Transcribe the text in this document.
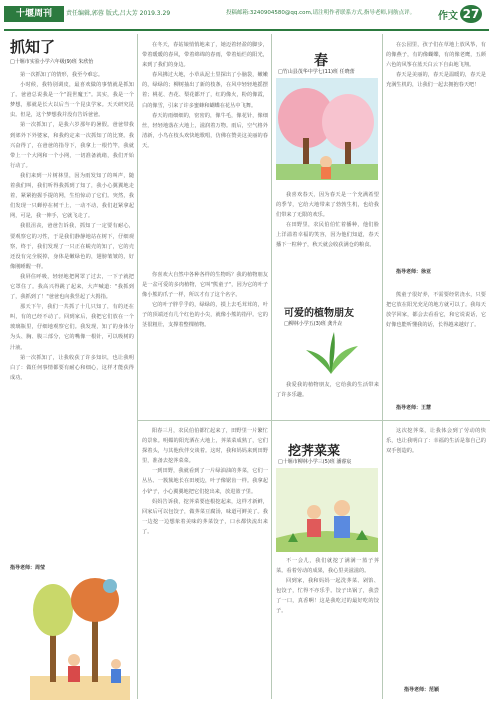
十堰周刊	责任编辑,郭蓉 版式,吕大芳 2019.3.29	投稿邮箱:3240904580@qq.com,请注明作者联系方式,指导老师,同舫点评。 作文 27
抓知了
□十堰市实验小学六年级(9)班 朱欣怡

第一次抓知了的情形，我至今难忘。

小时候，我特别调皮，最喜欢做的事情就是抓知了。爸爸总说我是一个"混世魔王"。其实，我是一个梦想，那就是长大以后当一个昆虫学家。天天研究昆虫。但是，这个梦想我并没有告诉爸爸。

第一次抓知了，是我六岁那年的暑假。爸爸带我到郊外下外婆家，和我约定来一次抓知了的比赛。我兴奋得了，在爸爸的指导下，我拿上一根竹竿，我就带上一个大网和一个小网，一切准备就绪，我们开始行动了。

我们来到一片树林里，因为雨发知了的叫声，随着我们叫，我们听得我抓到了知了，我小心翼翼地走着，紧紧抱握手提的网，生怕惊动了它们。突然，我们发现一只蝉停在树干上，一动不动，我们赶紧拿起网，可是，我一伸手，它就飞走了。

我很沮丧，爸爸告诉我，抓知了一定要有耐心，要观察它的习性，于是我们静静地站在树下，仔细观察，终于，我们发现了一只正在蜕壳的知了，它的壳还没有完全脱掉，身体是嫩绿色的，翅膀皱皱的，好像刚睡醒一样。

我屏住呼吸，轻轻地把网罩了过去，一下子就把它罩住了。我高兴得跳了起来，大声喊道："我抓到了，我抓到了！"爸爸也向我竖起了大拇指。

那天下午，我们一共抓了十几只知了，有的还在叫，有的已经不动了。回到家后，我把它们放在一个玻璃瓶里，仔细地观察它们。我发现，知了的身体分为头、胸、腹三部分，它的嘴像一根针，可以吸树的汁液。

第一次抓知了，让我收获了许多知识，也让我明白了：做任何事情都要有耐心和细心，这样才能获得成功。

指导老师：周莹

在冬天，春姑娘悄悄地来了，她迈着轻盈的脚步，带着暖暖的春风，带着绵绵的春雨，带着灿烂的阳光，来到了我们的身边。

春风拂过大地，小草从泥土里探出了小脑袋，嫩嫩的，绿绿的；柳树抽出了新的枝条，在风中轻轻地摇摆着；桃花、杏花、梨花都开了，红的像火，粉的像霞，白的像雪，引来了许多蜜蜂和蝴蝶在花丛中飞舞。

春天的雨细细的，密密的，像牛毛，像花针，像细丝，轻轻地落在大地上，滋润着万物。雨后，空气格外清新，小鸟在枝头欢快地歌唱，仿佛在赞美这美丽的春天。

春
□竹山县茂华中学七(11)班 任晓蕾

我喜欢春天，因为春天是一个充满希望的季节，它给大地带来了勃勃生机，也给我们带来了无限的欢乐。

在田野里，农民伯伯忙着播种，他们脸上洋溢着幸福的笑容，因为他们知道，春天播下一粒种子，秋天就会收获满仓的粮食。

在公园里，孩子们在草地上放风筝，有的像燕子，有的像蝴蝶，有的像老鹰，五颜六色的风筝在蓝天白云下自由地飞翔。

春天是美丽的，春天是温暖的，春天是充满生机的，让我们一起去拥抱春天吧！

指导老师：徐亚

你喜欢大自然中各种各样的生物吗？我的植物朋友是一盆可爱的多肉植物，它叫"熊童子"，因为它的叶子像小熊的爪子一样，所以才有了这个名字。

它的叶子胖乎乎的，绿绿的，摸上去毛茸茸的，叶子的顶端还有几个红色的小尖，就像小熊的指甲。它的茎很粗壮，支撑着整棵植物。

可爱的植物朋友
□柳林小学五(3)班 龚升垚

我爱我的植物朋友，它给我的生活带来了许多乐趣。

熊童子很好养，不需要经常浇水，只要把它放在阳光充足的地方就可以了。我每天放学回家，都会去看看它，和它说说话，它好像也能听懂我的话，长得越来越好了。

指导老师：王慧

阳春三月，农民伯伯都忙起来了，田野里一片繁忙的景象。明媚的阳光洒在大地上，荠菜菜成熟了，它们探着头，与其他伙伴交谈着。这时，我和妈妈来到田野里，准备去挖荠菜菜。

一到田野，我就看到了一片绿油油的荠菜，它们一丛丛、一簇簇地长在田埂边，叶子像锯齿一样。我拿起小铲子，小心翼翼地把它们挖出来，放进篮子里。

妈妈告诉我，挖荠菜要连根挖起来，这样才新鲜，回家后可以包饺子，做荠菜豆腐汤，味道可鲜美了。我一边挖一边想象着美味的荠菜饺子，口水都快流出来了。

挖荠菜菜
□十堰市柳林小学三(5)班 潘睿宸

不一会儿，我们就挖了满满一篮子荠菜。看着劳动的成果，我心里美滋滋的。

回到家，我和妈妈一起洗荠菜、剁馅、包饺子，忙得不亦乐乎。饺子出锅了，我尝了一口，真香啊！这是我吃过的最好吃的饺子。

这次挖荠菜，让我体会到了劳动的快乐，也让我明白了：幸福的生活是靠自己的双手创造的。

指导老师：范颖
